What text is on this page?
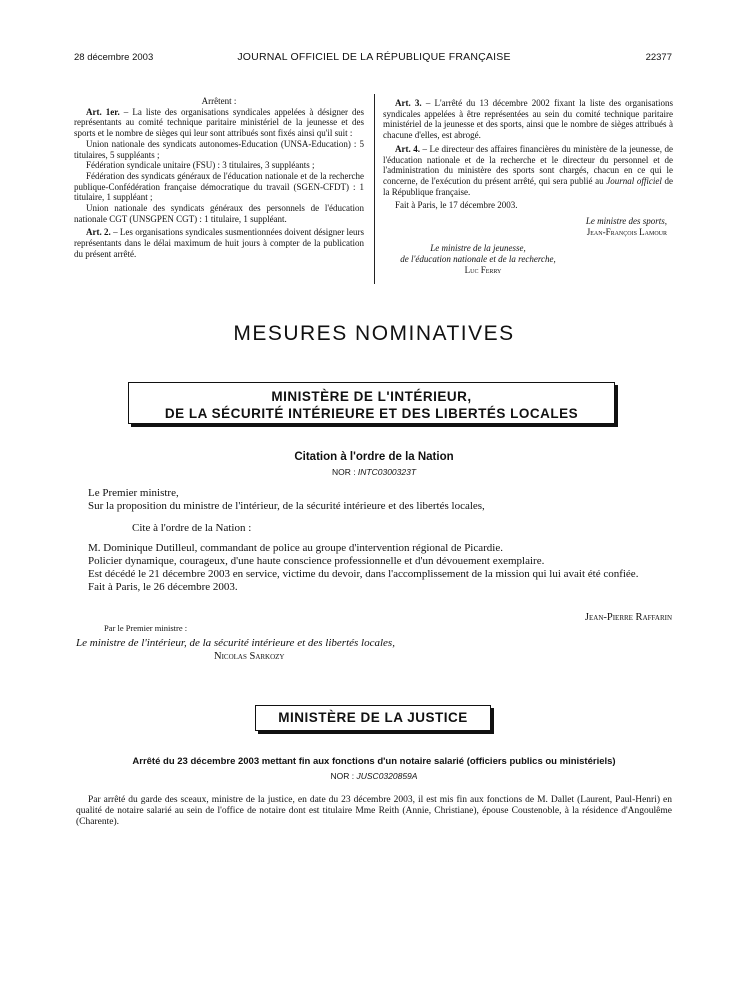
28 décembre 2003	JOURNAL OFFICIEL DE LA RÉPUBLIQUE FRANÇAISE	22377

Arrêtent :

Art. 1er. – La liste des organisations syndicales appelées à désigner des représentants au comité technique paritaire ministériel de la jeunesse et des sports et le nombre de sièges qui leur sont attribués sont fixés ainsi qu'il suit :

Union nationale des syndicats autonomes-Education (UNSA-Education) : 5 titulaires, 5 suppléants ;

Fédération syndicale unitaire (FSU) : 3 titulaires, 3 suppléants ;

Fédération des syndicats généraux de l'éducation nationale et de la recherche publique-Confédération française démocratique du travail (SGEN-CFDT) : 1 titulaire, 1 suppléant ;

Union nationale des syndicats généraux des personnels de l'éducation nationale CGT (UNSGPEN CGT) : 1 titulaire, 1 suppléant.

Art. 2. – Les organisations syndicales susmentionnées doivent désigner leurs représentants dans le délai maximum de huit jours à compter de la publication du présent arrêté.

Art. 3. – L'arrêté du 13 décembre 2002 fixant la liste des organisations syndicales appelées à être représentées au sein du comité technique paritaire ministériel de la jeunesse et des sports, ainsi que le nombre de sièges attribués à chacune d'elles, est abrogé.

Art. 4. – Le directeur des affaires financières du ministère de la jeunesse, de l'éducation nationale et de la recherche et le directeur du personnel et de l'administration du ministère des sports sont chargés, chacun en ce qui le concerne, de l'exécution du présent arrêté, qui sera publié au Journal officiel de la République française.

Fait à Paris, le 17 décembre 2003.

Le ministre des sports,

Jean-François Lamour

Le ministre de la jeunesse,

de l'éducation nationale et de la recherche,

Luc Ferry

MESURES NOMINATIVES
MINISTÈRE DE L'INTÉRIEUR,
DE LA SÉCURITÉ INTÉRIEURE ET DES LIBERTÉS LOCALES
Citation à l'ordre de la Nation
NOR : INTC0300323T

Le Premier ministre,

Sur la proposition du ministre de l'intérieur, de la sécurité intérieure et des libertés locales,

Cite à l'ordre de la Nation :

M. Dominique Dutilleul, commandant de police au groupe d'intervention régional de Picardie.

Policier dynamique, courageux, d'une haute conscience professionnelle et d'un dévouement exemplaire.

Est décédé le 21 décembre 2003 en service, victime du devoir, dans l'accomplissement de la mission qui lui avait été confiée.

Fait à Paris, le 26 décembre 2003.

Jean-Pierre Raffarin
Par le Premier ministre :
Le ministre de l'intérieur, de la sécurité intérieure et des libertés locales,
Nicolas Sarkozy
MINISTÈRE DE LA JUSTICE
Arrêté du 23 décembre 2003 mettant fin aux fonctions d'un notaire salarié (officiers publics ou ministériels)
NOR : JUSC0320859A
Par arrêté du garde des sceaux, ministre de la justice, en date du 23 décembre 2003, il est mis fin aux fonctions de M. Dallet (Laurent, Paul-Henri) en qualité de notaire salarié au sein de l'office de notaire dont est titulaire Mme Reith (Annie, Christiane), épouse Coustenoble, à la résidence d'Angoulême (Charente).
